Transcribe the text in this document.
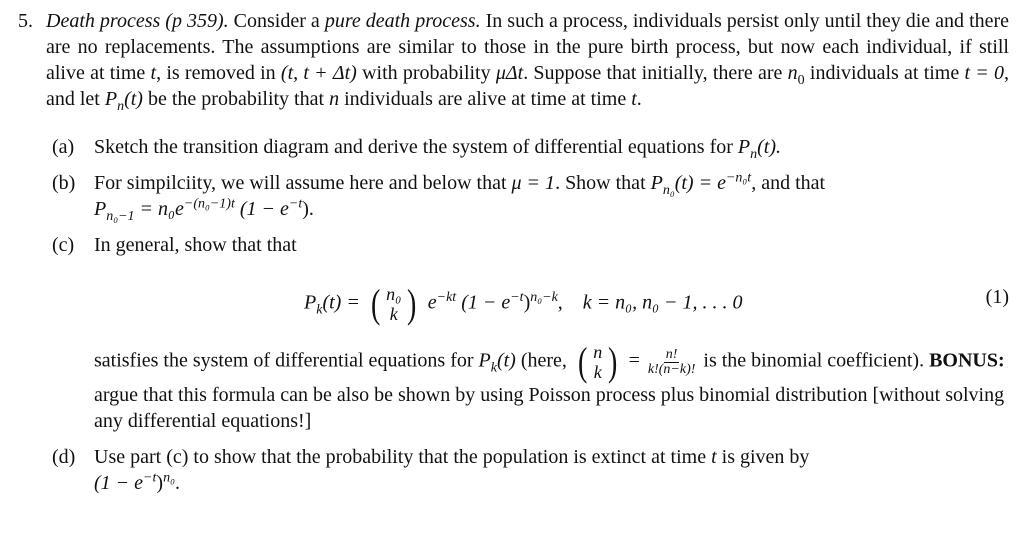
5. Death process (p 359). Consider a pure death process. In such a process, individuals persist only until they die and there are no replacements. The assumptions are similar to those in the pure birth process, but now each individual, if still alive at time t, is removed in (t, t + Δt) with probability μΔt. Suppose that initially, there are $n_0$ individuals at time t = 0, and let $P_n(t)$ be the probability that n individuals are alive at time at time t.

(a) Sketch the transition diagram and derive the system of differential equations for $P_n(t)$.

(b) For simpilciity, we will assume here and below that μ = 1. Show that $P_{n_0}(t) = e^{-n_0t}$, and that
$P_{n_0-1} = n_0e^{-(n_0-1)t}$ $(1 - e^{-t})$.

(c) In general, show that that

$P_k(t)$ = ( n₀
k ) $e^{-kt}$ $(1 - e^{-t})^{n_0-k}$, k = n₀, n₀ − 1, . . . 0	(1)

satisfies the system of differential equations for $P_k(t)$ (here, ( n
k ) = $\frac{n!}{k!(n-k)!}$ is the binomial coefficient). BONUS: argue that this formula can be also be shown by using Poisson process plus binomial distribution [without solving any differential equations!]

(d) Use part (c) to show that the probability that the population is extinct at time t is given by
$(1 - e^{-t})^{n_0}$.
